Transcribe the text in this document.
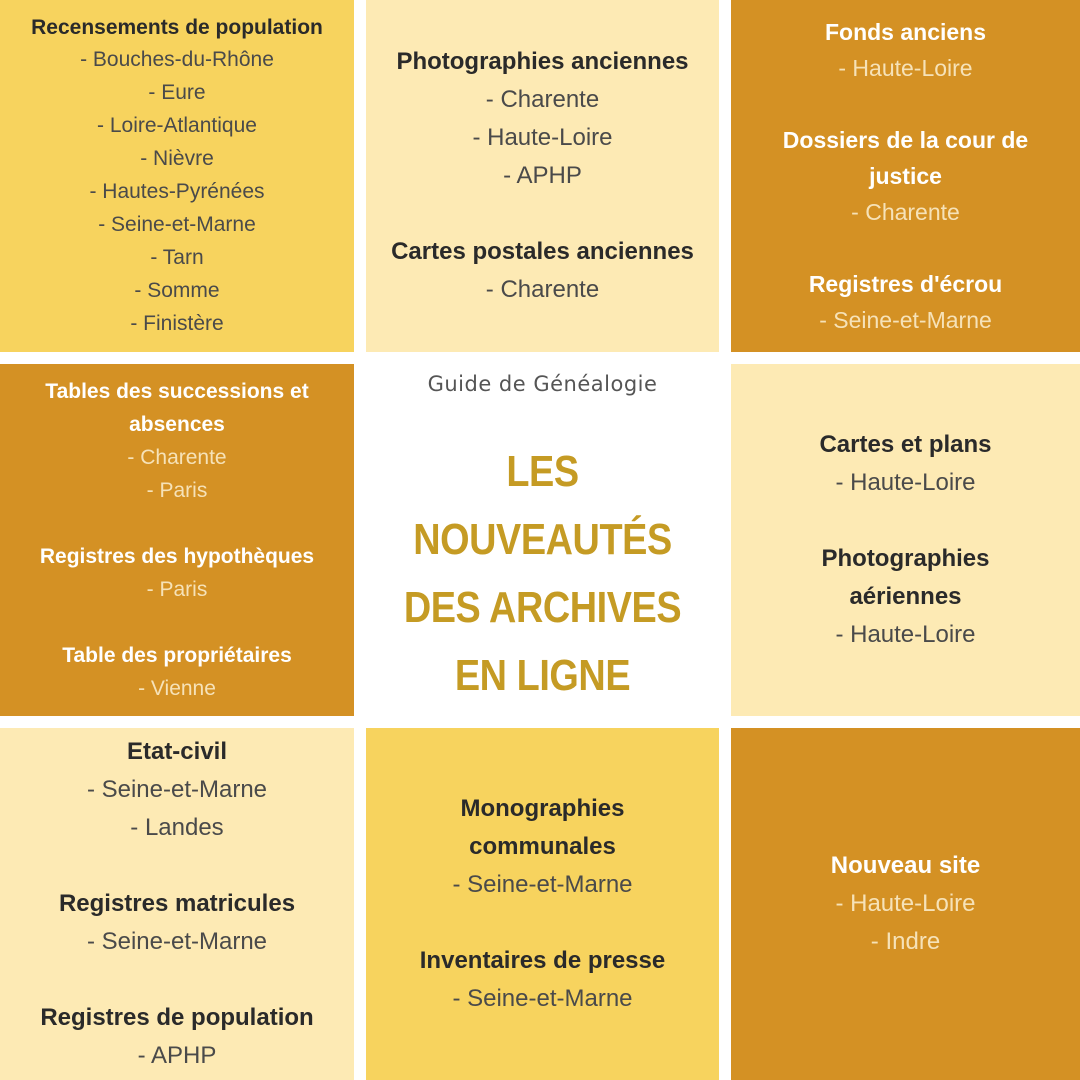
Recensements de population
- Bouches-du-Rhône
- Eure
- Loire-Atlantique
- Nièvre
- Hautes-Pyrénées
- Seine-et-Marne
- Tarn
- Somme
- Finistère
Photographies anciennes
- Charente
- Haute-Loire
- APHP
Cartes postales anciennes
- Charente
Fonds anciens
- Haute-Loire
Dossiers de la cour de
justice
- Charente
Registres d'écrou
- Seine-et-Marne
Tables des successions et
absences
- Charente
- Paris
Registres des hypothèques
- Paris
Table des propriétaires
- Vienne
Guide de Généalogie
LES NOUVEAUTÉS
DES ARCHIVES
EN LIGNE
Cartes et plans
- Haute-Loire
Photographies
aériennes
- Haute-Loire
Etat-civil
- Seine-et-Marne
- Landes
Registres matricules
- Seine-et-Marne
Registres de population
- APHP
Monographies
communales
- Seine-et-Marne
Inventaires de presse
- Seine-et-Marne
Nouveau site
- Haute-Loire
- Indre
